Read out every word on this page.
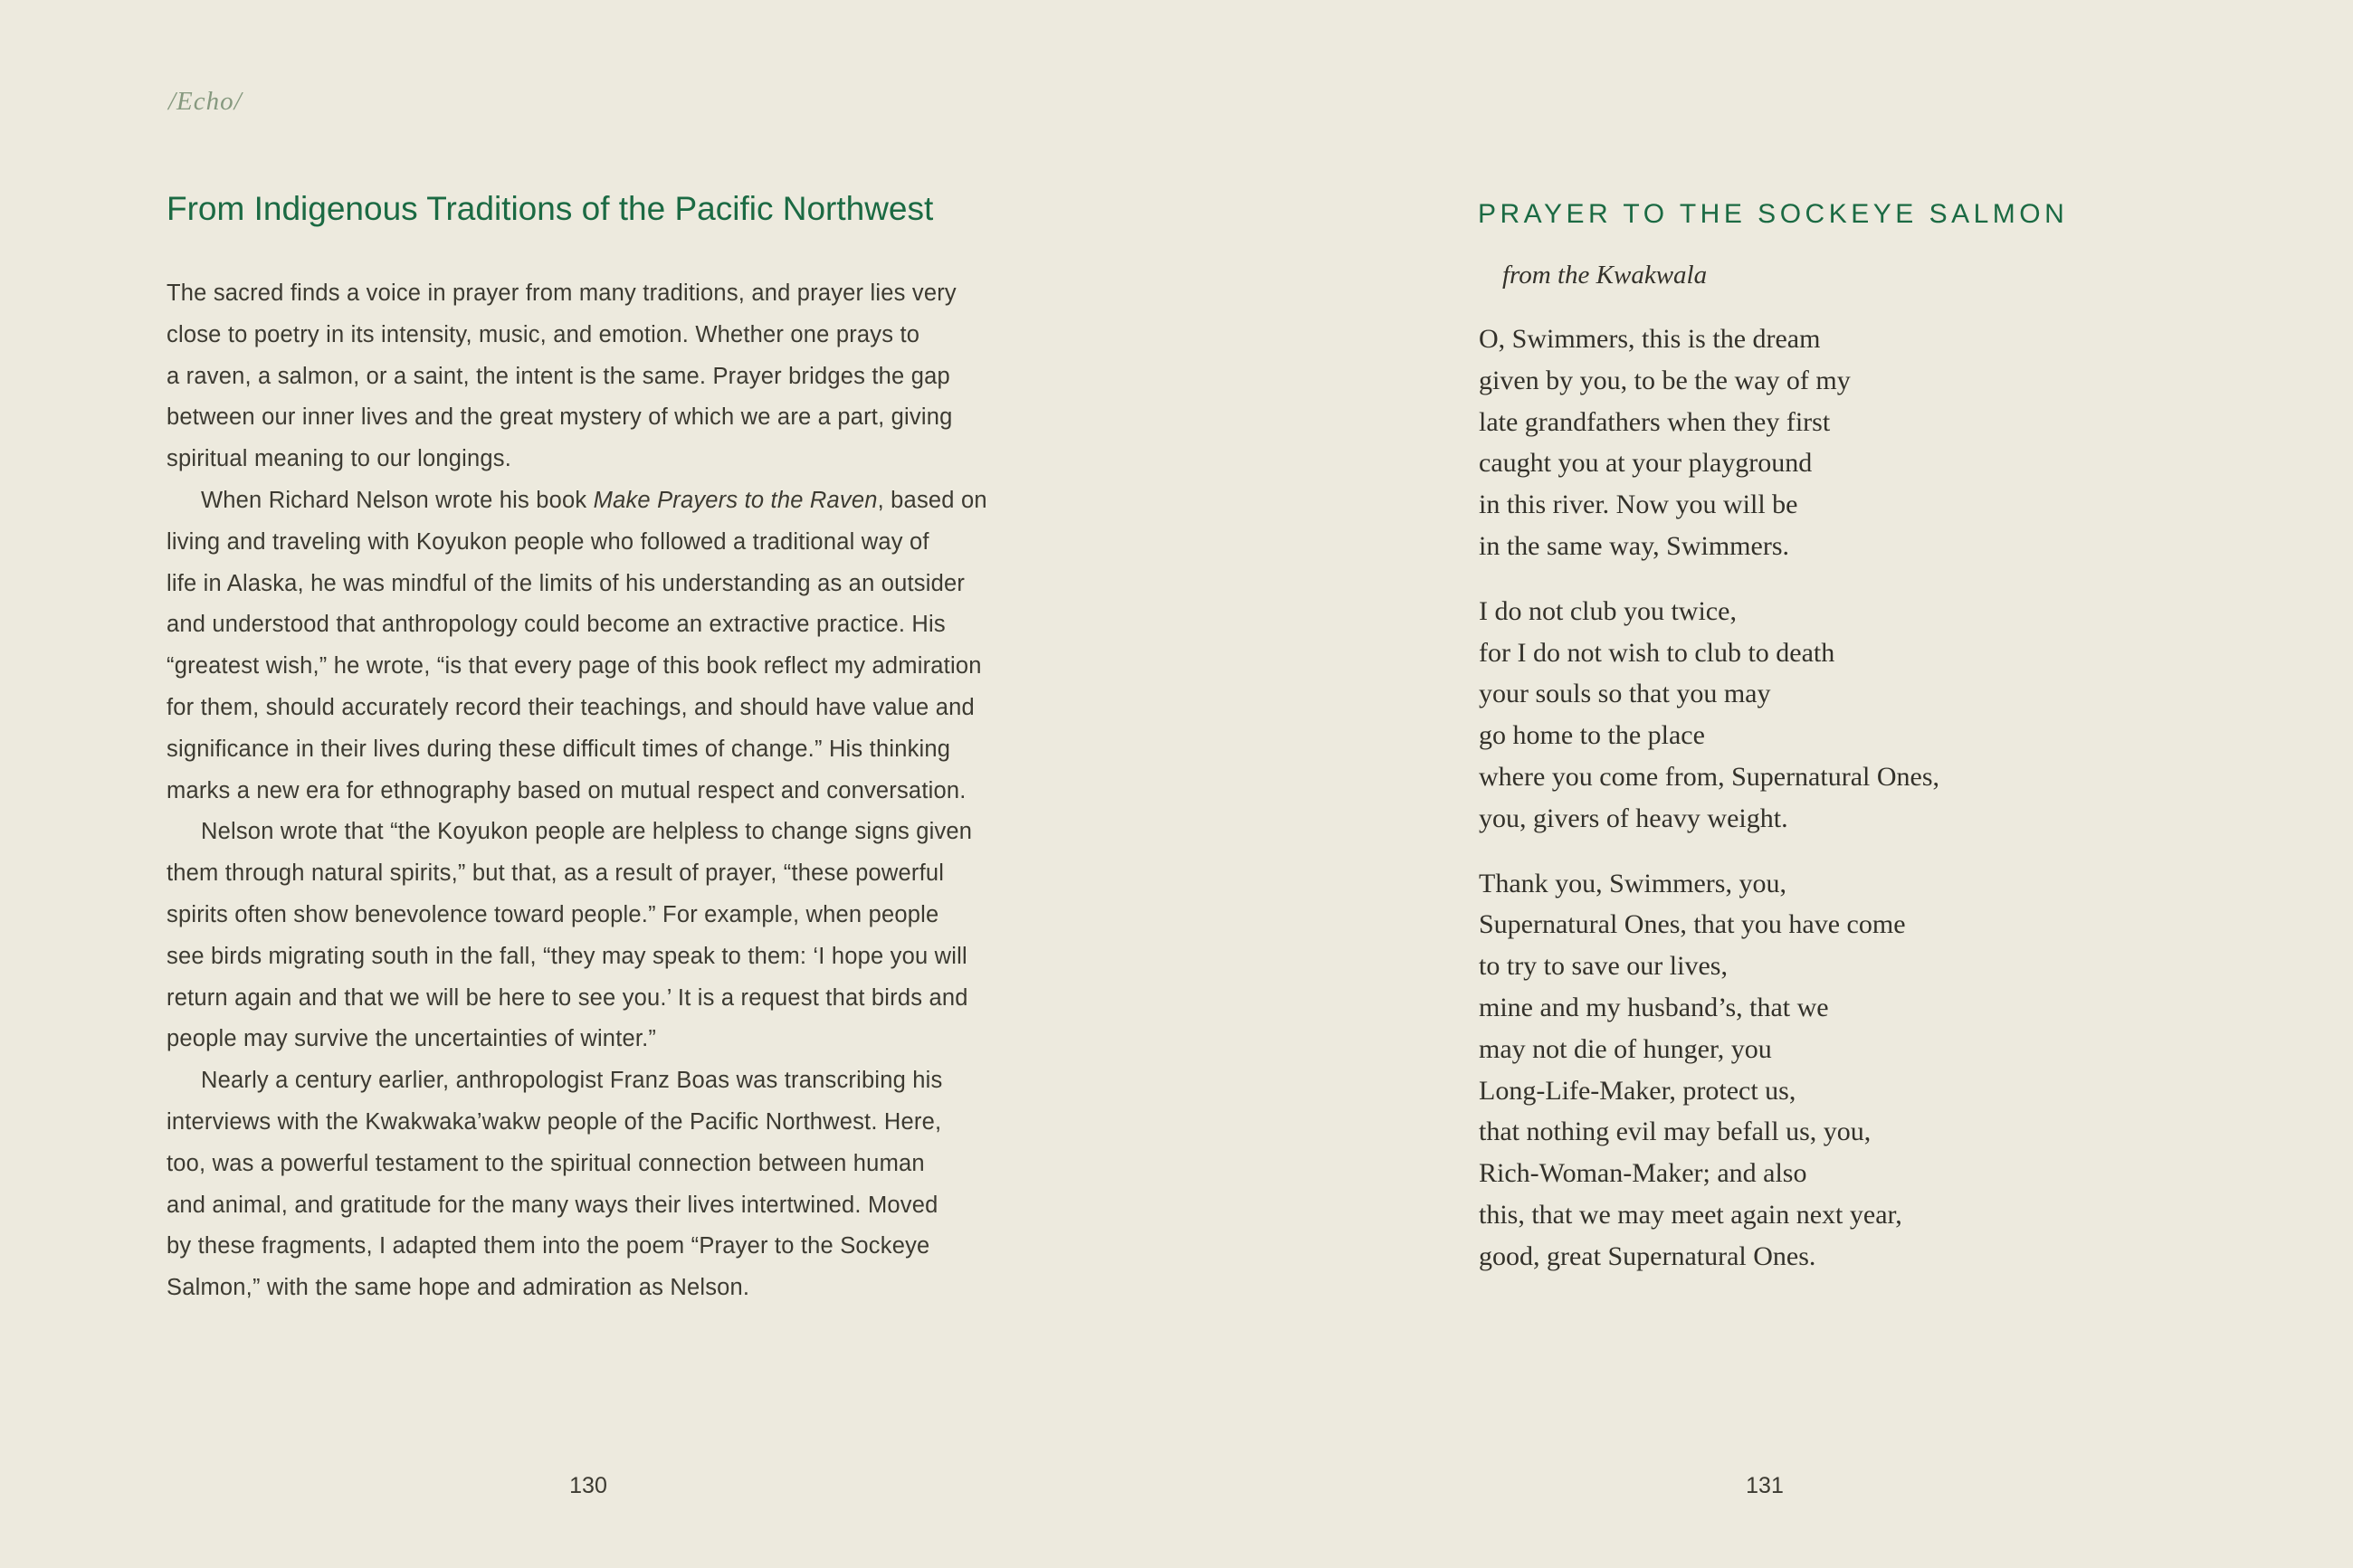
/Echo/
From Indigenous Traditions of the Pacific Northwest
The sacred finds a voice in prayer from many traditions, and prayer lies very
close to poetry in its intensity, music, and emotion. Whether one prays to
a raven, a salmon, or a saint, the intent is the same. Prayer bridges the gap
between our inner lives and the great mystery of which we are a part, giving
spiritual meaning to our longings.
When Richard Nelson wrote his book Make Prayers to the Raven, based on
living and traveling with Koyukon people who followed a traditional way of
life in Alaska, he was mindful of the limits of his understanding as an outsider
and understood that anthropology could become an extractive practice. His
“greatest wish,” he wrote, “is that every page of this book reflect my admiration
for them, should accurately record their teachings, and should have value and
significance in their lives during these difficult times of change.” His thinking
marks a new era for ethnography based on mutual respect and conversation.
Nelson wrote that “the Koyukon people are helpless to change signs given
them through natural spirits,” but that, as a result of prayer, “these powerful
spirits often show benevolence toward people.” For example, when people
see birds migrating south in the fall, “they may speak to them: ‘I hope you will
return again and that we will be here to see you.’ It is a request that birds and
people may survive the uncertainties of winter.”
Nearly a century earlier, anthropologist Franz Boas was transcribing his
interviews with the Kwakwaka’wakw people of the Pacific Northwest. Here,
too, was a powerful testament to the spiritual connection between human
and animal, and gratitude for the many ways their lives intertwined. Moved
by these fragments, I adapted them into the poem “Prayer to the Sockeye
Salmon,” with the same hope and admiration as Nelson.
130
PRAYER TO THE SOCKEYE SALMON
from the Kwakwala
O, Swimmers, this is the dream
given by you, to be the way of my
late grandfathers when they first
caught you at your playground
in this river. Now you will be
in the same way, Swimmers.
I do not club you twice,
for I do not wish to club to death
your souls so that you may
go home to the place
where you come from, Supernatural Ones,
you, givers of heavy weight.
Thank you, Swimmers, you,
Supernatural Ones, that you have come
to try to save our lives,
mine and my husband’s, that we
may not die of hunger, you
Long-Life-Maker, protect us,
that nothing evil may befall us, you,
Rich-Woman-Maker; and also
this, that we may meet again next year,
good, great Supernatural Ones.
131
